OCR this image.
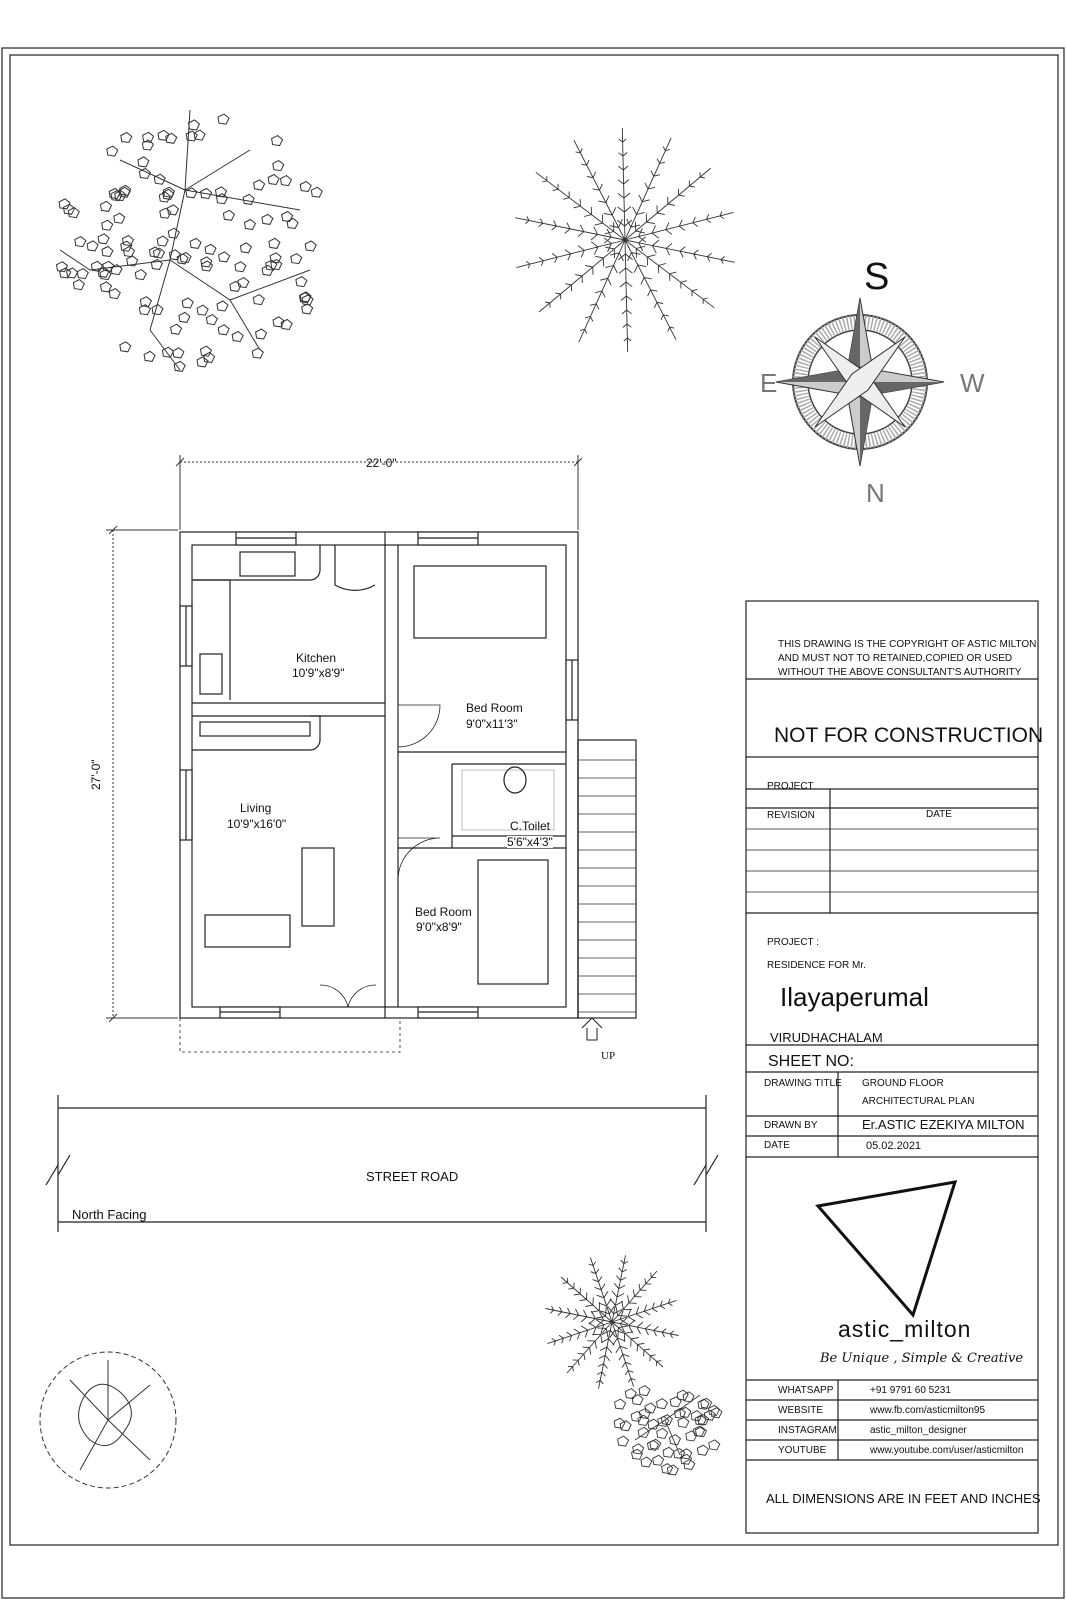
22'-0"
27'-0"
Kitchen
10'9"x8'9"
Bed Room
9'0"x11'3"
Living
10'9"x16'0"	C.Toilet
5'6"x4'3"
Bed Room
9'0"x8'9"
UP
STREET ROAD
North Facing
S
E	W
N
THIS DRAWING IS THE COPYRIGHT OF ASTIC MILTON
AND MUST NOT TO RETAINED,COPIED OR USED
WITHOUT THE ABOVE CONSULTANT'S AUTHORITY
NOT FOR CONSTRUCTION
PROJECT
REVISION	DATE
PROJECT :
RESIDENCE FOR Mr.
Ilayaperumal
VIRUDHACHALAM
SHEET NO:
DRAWING TITLE GROUND FLOOR
ARCHITECTURAL PLAN
DRAWN BY	Er.ASTIC EZEKIYA MILTON
DATE	05.02.2021
astic_milton
Be Unique , Simple & Creative
WHATSAPP	+91 9791 60 5231
WEBSITE	www.fb.com/asticmilton95
INSTAGRAM	astic_milton_designer
YOUTUBE	www.youtube.com/user/asticmilton
ALL DIMENSIONS ARE IN FEET AND INCHES
